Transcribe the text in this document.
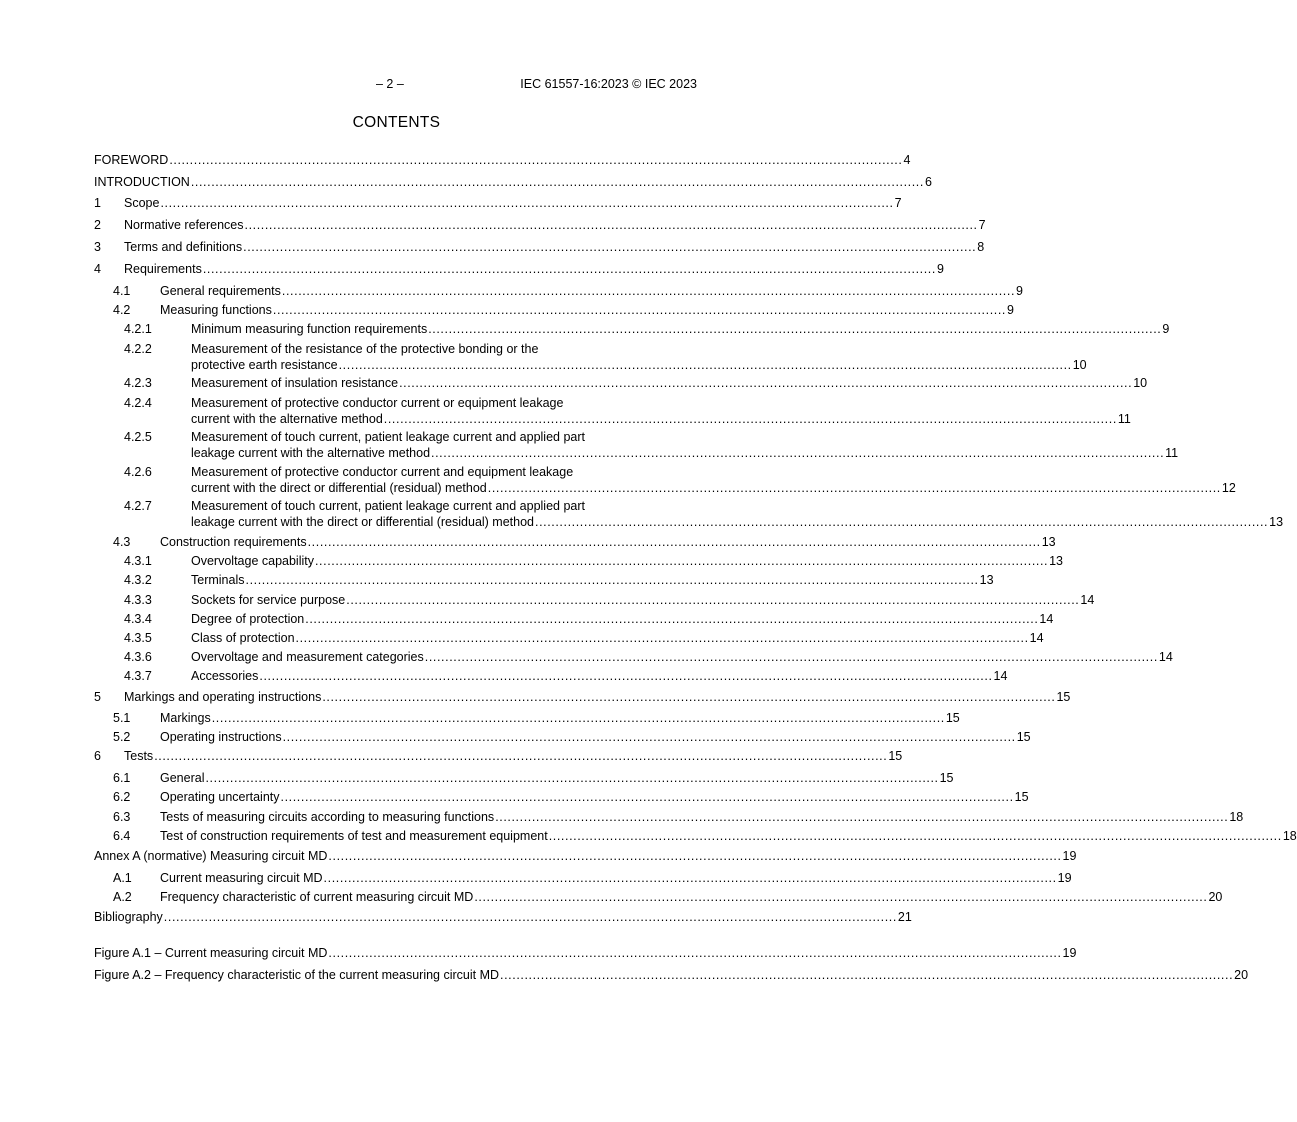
– 2 –	IEC 61557-16:2023 © IEC 2023
CONTENTS
FOREWORD .................................................................................................................................................................................... 4
INTRODUCTION .................................................................................................................................................................................... 6
1 Scope .................................................................................................................................................................................... 7
2 Normative references .................................................................................................................................................................................... 7
3 Terms and definitions .................................................................................................................................................................................... 8
4 Requirements .................................................................................................................................................................................... 9
4.1 General requirements .................................................................................................................................................................................... 9
4.2 Measuring functions .................................................................................................................................................................................... 9
4.2.1	Minimum measuring function requirements .................................................................................................................................................................................... 9
4.2.2	Measurement of the resistance of the protective bonding or the
protective earth resistance .................................................................................................................................................................................... 10
4.2.3	Measurement of insulation resistance .................................................................................................................................................................................... 10
4.2.4	Measurement of protective conductor current or equipment leakage
current with the alternative method .................................................................................................................................................................................... 11
4.2.5	Measurement of touch current, patient leakage current and applied part
leakage current with the alternative method .................................................................................................................................................................................... 11
4.2.6	Measurement of protective conductor current and equipment leakage
current with the direct or differential (residual) method .................................................................................................................................................................................... 12
4.2.7	Measurement of touch current, patient leakage current and applied part
leakage current with the direct or differential (residual) method .................................................................................................................................................................................... 13
4.3 Construction requirements .................................................................................................................................................................................... 13
4.3.1	Overvoltage capability .................................................................................................................................................................................... 13
4.3.2	Terminals .................................................................................................................................................................................... 13
4.3.3	Sockets for service purpose .................................................................................................................................................................................... 14
4.3.4	Degree of protection .................................................................................................................................................................................... 14
4.3.5	Class of protection .................................................................................................................................................................................... 14
4.3.6	Overvoltage and measurement categories .................................................................................................................................................................................... 14
4.3.7	Accessories .................................................................................................................................................................................... 14
5 Markings and operating instructions .................................................................................................................................................................................... 15
5.1 Markings .................................................................................................................................................................................... 15
5.2 Operating instructions .................................................................................................................................................................................... 15
6 Tests .................................................................................................................................................................................... 15
6.1 General .................................................................................................................................................................................... 15
6.2 Operating uncertainty .................................................................................................................................................................................... 15
6.3 Tests of measuring circuits according to measuring functions .................................................................................................................................................................................... 18
6.4 Test of construction requirements of test and measurement equipment .................................................................................................................................................................................... 18
Annex A (normative) Measuring circuit MD .................................................................................................................................................................................... 19
A.1 Current measuring circuit MD .................................................................................................................................................................................... 19
A.2 Frequency characteristic of current measuring circuit MD .................................................................................................................................................................................... 20
Bibliography .................................................................................................................................................................................... 21
Figure A.1 – Current measuring circuit MD .................................................................................................................................................................................... 19
Figure A.2 – Frequency characteristic of the current measuring circuit MD .................................................................................................................................................................................... 20
